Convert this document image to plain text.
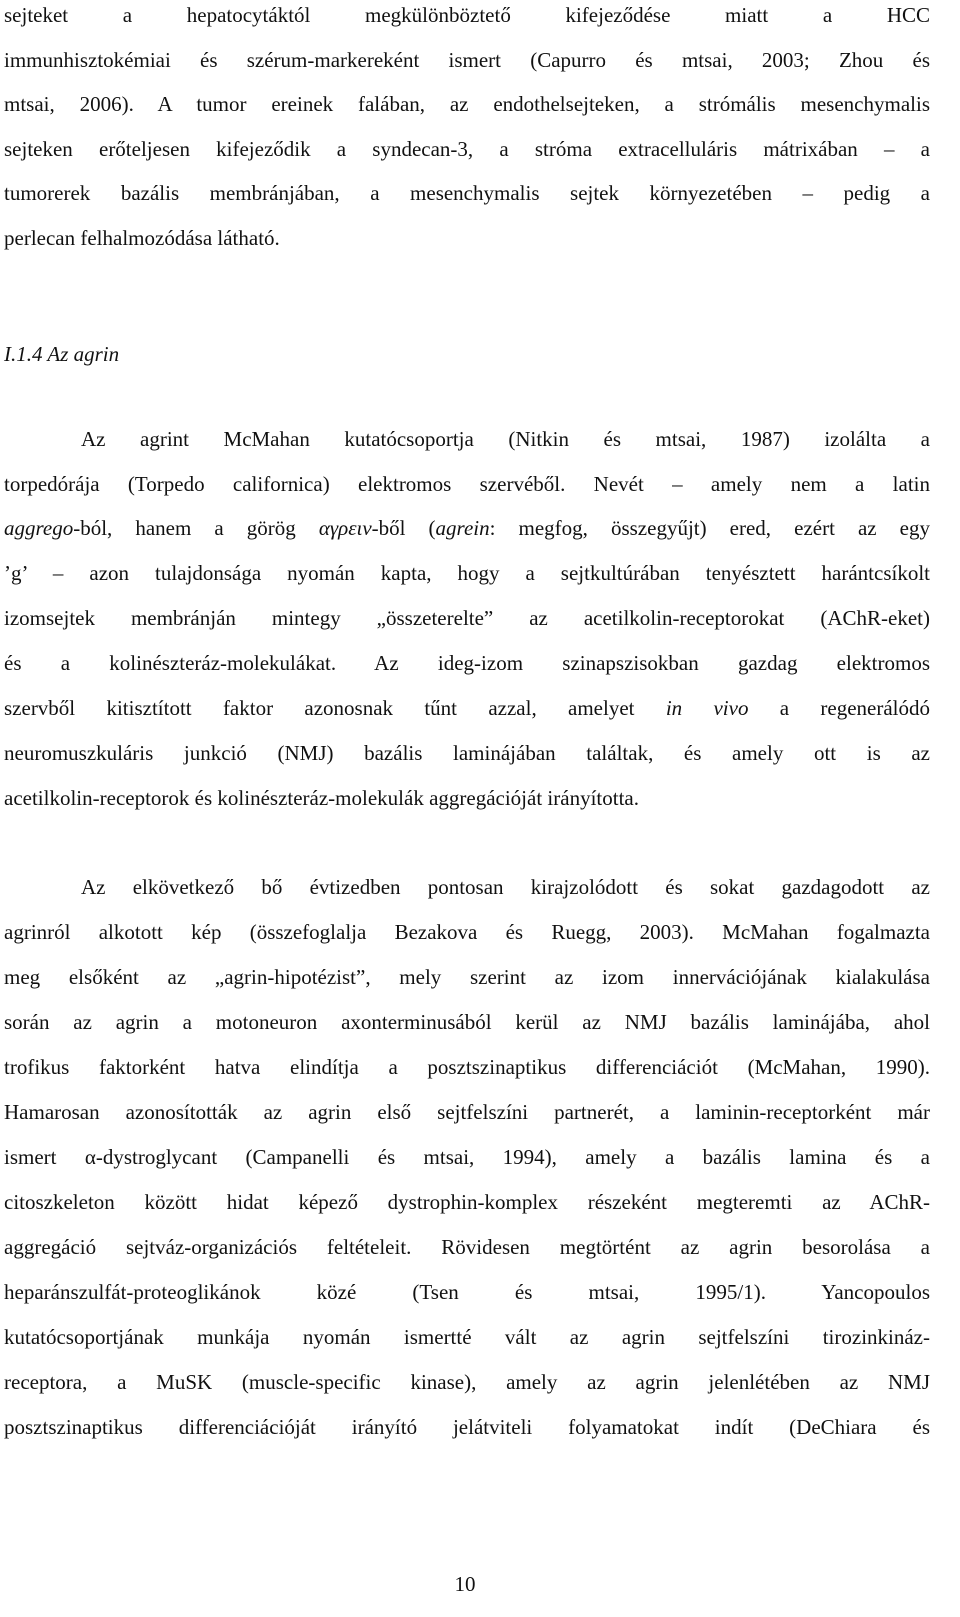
sejteket a hepatocytáktól megkülönböztető kifejeződése miatt a HCC
immunhisztokémiai és szérum-markereként ismert (Capurro és mtsai, 2003; Zhou és
mtsai, 2006). A tumor ereinek falában, az endothelsejteken, a strómális mesenchymalis
sejteken erőteljesen kifejeződik a syndecan-3, a stróma extracelluláris mátrixában – a
tumorerek bazális membránjában, a mesenchymalis sejtek környezetében – pedig a
perlecan felhalmozódása látható.
I.1.4 Az agrin
Az agrint McMahan kutatócsoportja (Nitkin és mtsai, 1987) izolálta a
torpedórája (Torpedo californica) elektromos szervéből. Nevét – amely nem a latin
aggrego-ból, hanem a görög αγρειν-ből (agrein: megfog, összegyűjt) ered, ezért az egy
’g’ – azon tulajdonsága nyomán kapta, hogy a sejtkultúrában tenyésztett harántcsíkolt
izomsejtek membránján mintegy „összeterelte” az acetilkolin-receptorokat (AChR-eket)
és a kolinészteráz-molekulákat. Az ideg-izom szinapszisokban gazdag elektromos
szervből kitisztított faktor azonosnak tűnt azzal, amelyet in vivo a regenerálódó
neuromuszkuláris junkció (NMJ) bazális laminájában találtak, és amely ott is az
acetilkolin-receptorok és kolinészteráz-molekulák aggregációját irányította.
Az elkövetkező bő évtizedben pontosan kirajzolódott és sokat gazdagodott az
agrinról alkotott kép (összefoglalja Bezakova és Ruegg, 2003). McMahan fogalmazta
meg elsőként az „agrin-hipotézist”, mely szerint az izom innervációjának kialakulása
során az agrin a motoneuron axonterminusából kerül az NMJ bazális laminájába, ahol
trofikus faktorként hatva elindítja a posztszinaptikus differenciációt (McMahan, 1990).
Hamarosan azonosították az agrin első sejtfelszíni partnerét, a laminin-receptorként már
ismert α-dystroglycant (Campanelli és mtsai, 1994), amely a bazális lamina és a
citoszkeleton között hidat képező dystrophin-komplex részeként megteremti az AChR-
aggregáció sejtváz-organizációs feltételeit. Rövidesen megtörtént az agrin besorolása a
heparánszulfát-proteoglikánok közé (Tsen és mtsai, 1995/1). Yancopoulos
kutatócsoportjának munkája nyomán ismertté vált az agrin sejtfelszíni tirozinkináz-
receptora, a MuSK (muscle-specific kinase), amely az agrin jelenlétében az NMJ
posztszinaptikus differenciációját irányító jelátviteli folyamatokat indít (DeChiara és
10
